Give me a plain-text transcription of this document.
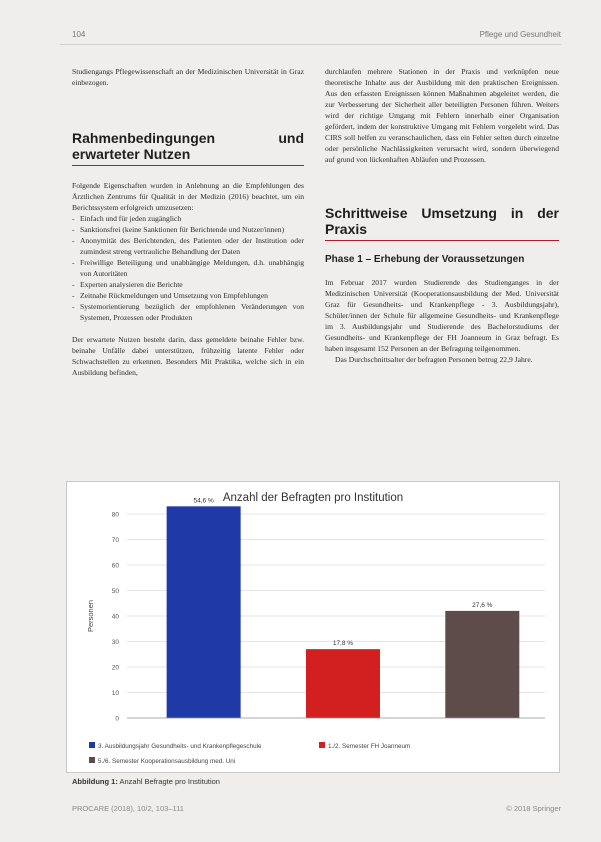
104	Pflege und Gesundheit

Studiengangs Pflegewissenschaft an der Medizinischen Universität in Graz einbezogen.

Rahmenbedingungen und erwarteter Nutzen

Folgende Eigenschaften wurden in Anlehnung an die Empfehlungen des Ärztlichen Zentrums für Qualität in der Medizin (2016) beachtet, um ein Berichtssystem erfolgreich umzusetzen:

- Einfach und für jeden zugänglich
- Sanktionsfrei (keine Sanktionen für Berichtende und Nutzer/innen)
- Anonymität des Berichtenden, des Patienten oder der Institution oder zumindest streng vertrauliche Behandlung der Daten
- Freiwillige Beteiligung und unabhängige Meldungen, d.h. unabhängig von Autoritäten
- Experten analysieren die Berichte
- Zeitnahe Rückmeldungen und Umsetzung von Empfehlungen
- Systemorientierung bezüglich der empfohlenen Veränderungen von Systemen, Prozessen oder Produkten

Der erwartete Nutzen besteht darin, dass gemeldete beinahe Fehler bzw. beinahe Unfälle dabei unterstützen, frühzeitig latente Fehler oder Schwachstellen zu erkennen. Besonders Mit Praktika, welche sich in ein Ausbildung befinden,

durchlaufen mehrere Stationen in der Praxis und verknüpfen neue theoretische Inhalte aus der Ausbildung mit den praktischen Ereignissen. Aus den erfassten Ereignissen können Maßnahmen abgeleitet werden, die zur Verbesserung der Sicherheit aller beteiligten Personen führen. Weiters wird der richtige Umgang mit Fehlern innerhalb einer Organisation gefördert, indem der konstruktive Umgang mit Fehlern vorgelebt wird. Das CIRS soll helfen zu veranschaulichen, dass ein Fehler selten durch einzelne oder persönliche Nachlässigkeiten verursacht wird, sondern überwiegend auf grund von lückenhaften Abläufen und Prozessen.

Schrittweise Umsetzung in der Praxis
Phase 1 – Erhebung der Voraussetzungen

Im Februar 2017 wurden Studierende des Studienganges in der Medizinischen Universität (Kooperationsausbildung der Med. Universität Graz für Gesundheits- und Krankenpflege - 3. Ausbildungsjahr), Schüler/innen der Schule für allgemeine Gesundheits- und Krankenpflege im 3. Ausbildungsjahr und Studierende des Bachelorstudiums der Gesundheits- und Krankenpflege der FH Joanneum in Graz befragt. Es haben insgesamt 152 Personen an der Befragung teilgenommen.

Das Durchschnittsalter der befragten Personen betrug 22,9 Jahre.

Anzahl der Befragten pro Institution
0
10
20
30
40
50
60
70
80
Personen
54,6 %
17,8 %
27,6 %
3. Ausbildungsjahr Gesundheits- und Krankenpflegeschule	1./2. Semester FH Joanneum
5./6. Semester Kooperationsausbildung med. Uni
Abbildung 1: Anzahl Befragte pro Institution
PROCARE (2018), 10/2, 103–111	© 2018 Springer
